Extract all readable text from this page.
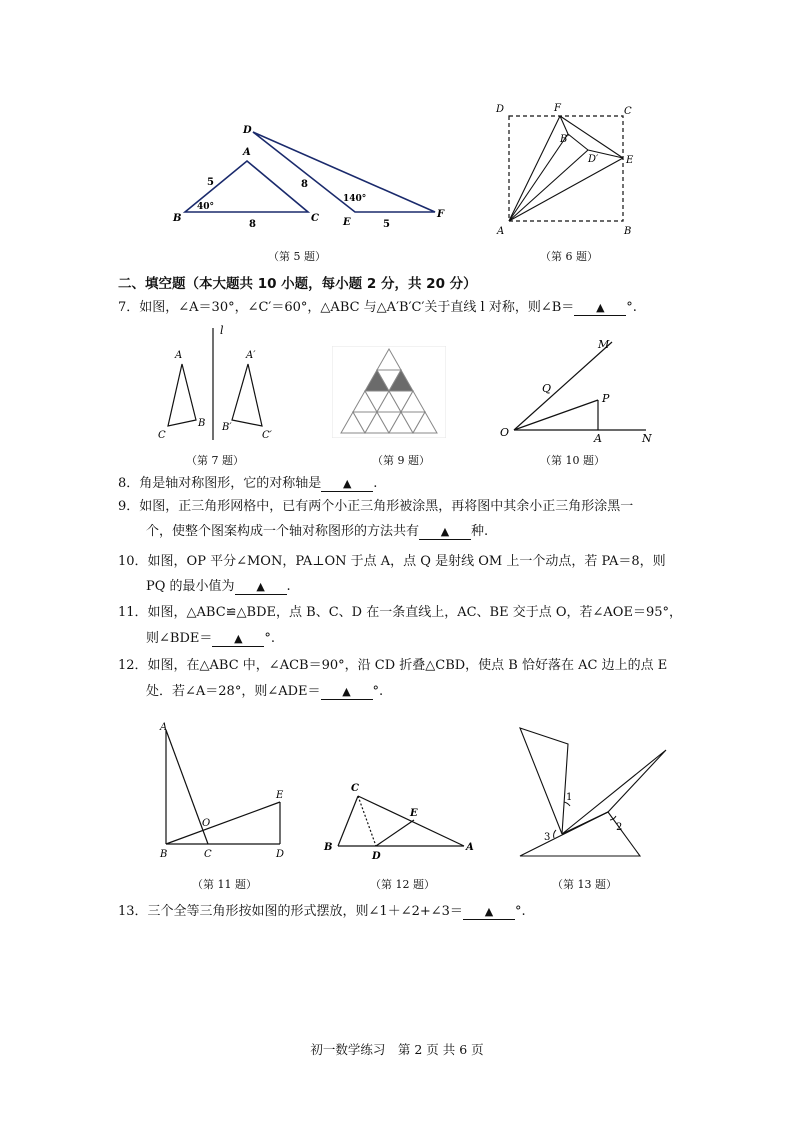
D
A
B	C E
F
5
8
8
5
40°
140°
（第 5 题）
D	F	C
B′
D′	E
A	B
（第 6 题）
二、填空题（本大题共 10 小题，每小题 2 分，共 20 分）
7．如图，∠A＝30°，∠C′＝60°，△ABC 与△A′B′C′关于直线 l 对称，则∠B＝ ▲ °.
l
A
B
C
A′
B′
C′
（第 7 题）	（第 9 题）
M
Q
P
O	A	N
（第 10 题）
8．角是轴对称图形，它的对称轴是 ▲ .
9．如图，正三角形网格中，已有两个小正三角形被涂黑，再将图中其余小正三角形涂黑一
个，使整个图案构成一个轴对称图形的方法共有 ▲ 种.
10．如图，OP 平分∠MON，PA⊥ON 于点 A，点 Q 是射线 OM 上一个动点，若 PA＝8，则
PQ 的最小值为 ▲ .
11．如图，△ABC≌△BDE，点 B、C、D 在一条直线上，AC、BE 交于点 O，若∠AOE＝95°，
则∠BDE＝ ▲ °.
12．如图，在△ABC 中，∠ACB＝90°，沿 CD 折叠△CBD，使点 B 恰好落在 AC 边上的点 E
处．若∠A＝28°，则∠ADE＝ ▲ °.
A
E
O
B	C	D
（第 11 题）
C
E
B
D
A
（第 12 题）
1
2
3
（第 13 题）
13．三个全等三角形按如图的形式摆放，则∠1＋∠2+∠3＝ ▲ °.
初一数学练习　第 2 页 共 6 页
